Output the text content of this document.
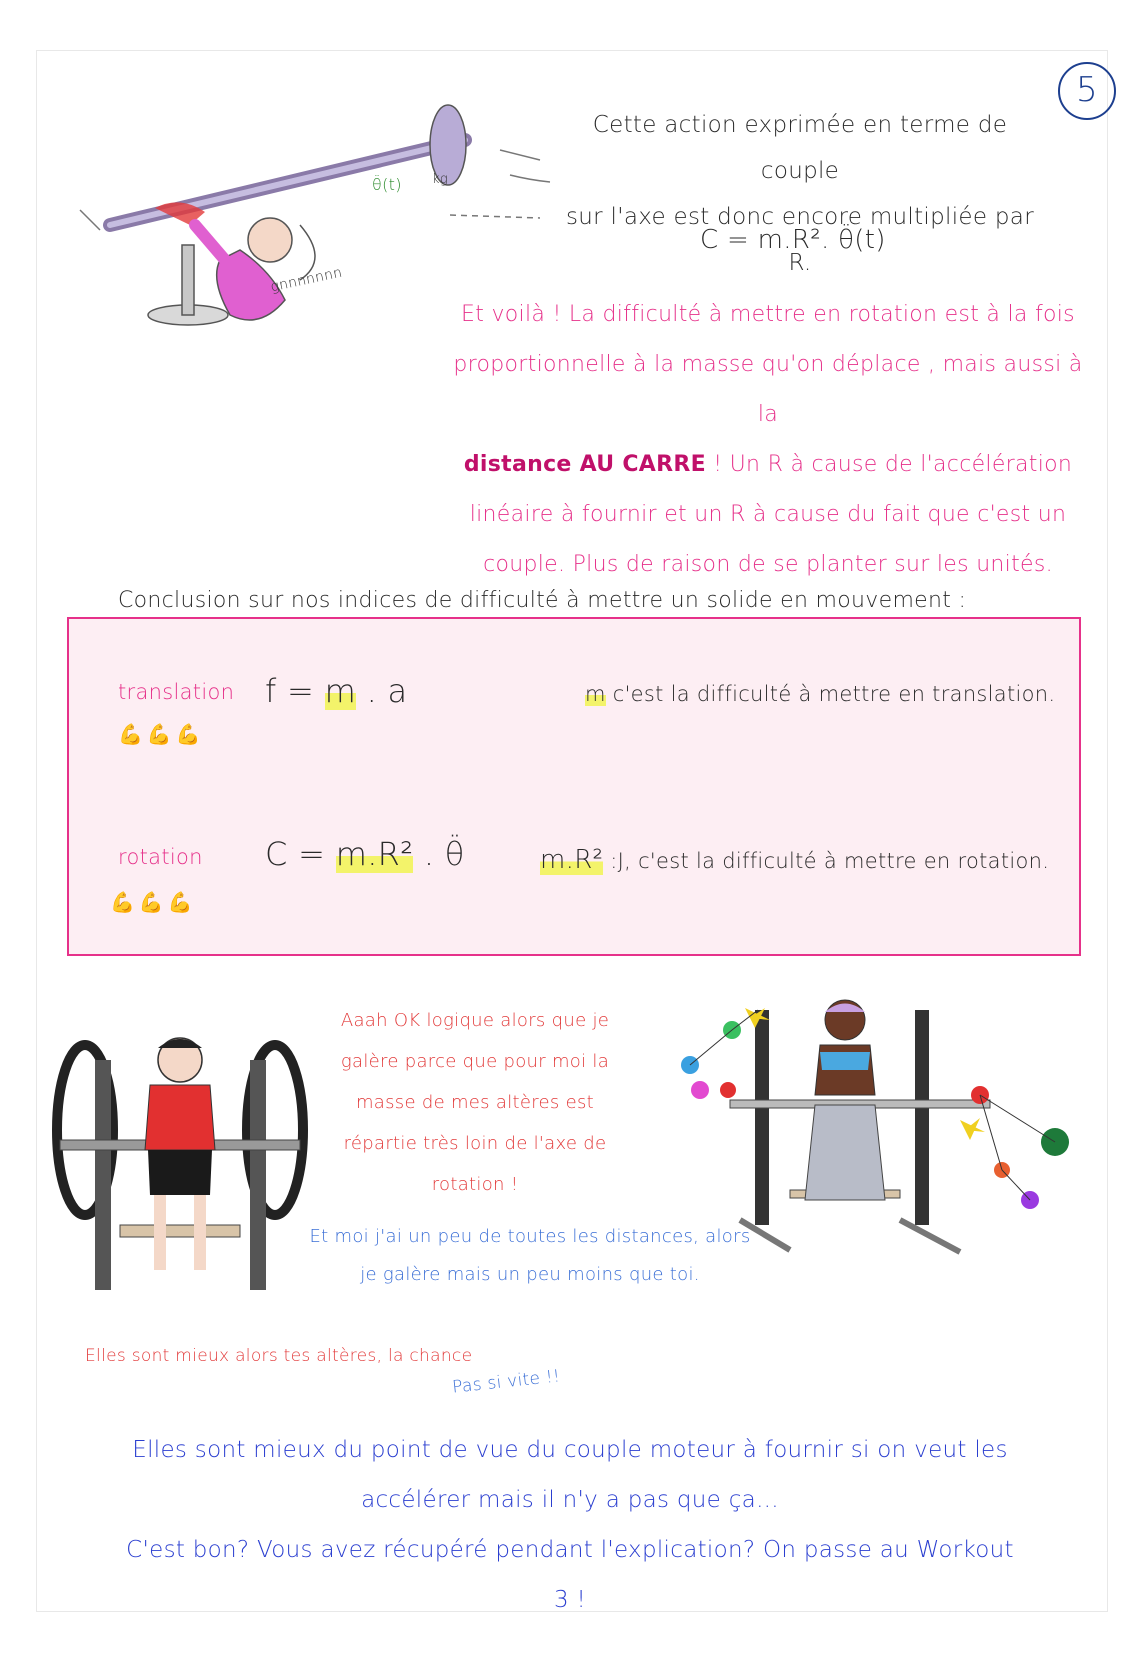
5
θ̈(t) kg
gnnnnnnn
Cette action exprimée en terme de couple
sur l'axe est donc encore multipliée par R.
C = m.R². θ̈(t)
Et voilà ! La difficulté à mettre en rotation est à la fois
proportionnelle à la masse qu'on déplace , mais aussi à la
distance AU CARRE ! Un R à cause de l'accélération
linéaire à fournir et un R à cause du fait que c'est un
couple. Plus de raison de se planter sur les unités.
Conclusion sur nos indices de difficulté à mettre un solide en mouvement :
translation
💪💪💪
f = m . a	m c'est la difficulté à mettre en translation.
rotation
💪💪💪
C = m.R² . θ̈	m.R² :J, c'est la difficulté à mettre en rotation.
Aaah OK logique alors que je
galère parce que pour moi la
masse de mes altères est
répartie très loin de l'axe de
rotation !
Et moi j'ai un peu de toutes les distances, alors
je galère mais un peu moins que toi.
Elles sont mieux alors tes altères, la chance
Pas si vite !!
Elles sont mieux du point de vue du couple moteur à fournir si on veut les
accélérer mais il n'y a pas que ça...
C'est bon? Vous avez récupéré pendant l'explication? On passe au Workout 3 !
